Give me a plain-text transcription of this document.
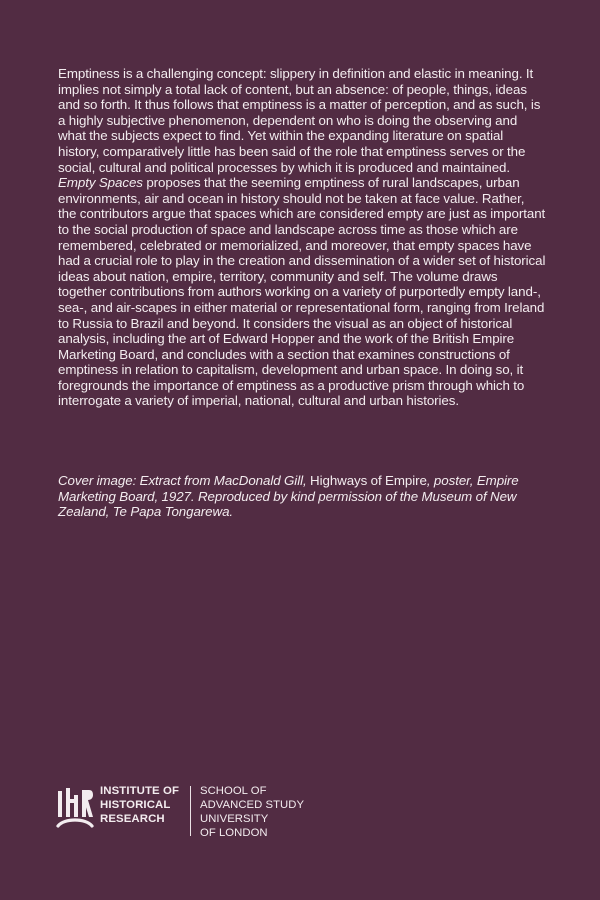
Emptiness is a challenging concept: slippery in definition and elastic in meaning. It implies not simply a total lack of content, but an absence: of people, things, ideas and so forth. It thus follows that emptiness is a matter of perception, and as such, is a highly subjective phenomenon, dependent on who is doing the observing and what the subjects expect to find. Yet within the expanding literature on spatial history, comparatively little has been said of the role that emptiness serves or the social, cultural and political processes by which it is produced and maintained. Empty Spaces proposes that the seeming emptiness of rural landscapes, urban environments, air and ocean in history should not be taken at face value. Rather, the contributors argue that spaces which are considered empty are just as important to the social production of space and landscape across time as those which are remembered, celebrated or memorialized, and moreover, that empty spaces have had a crucial role to play in the creation and dissemination of a wider set of historical ideas about nation, empire, territory, community and self. The volume draws together contributions from authors working on a variety of purportedly empty land-, sea-, and air-scapes in either material or representational form, ranging from Ireland to Russia to Brazil and beyond. It considers the visual as an object of historical analysis, including the art of Edward Hopper and the work of the British Empire Marketing Board, and concludes with a section that examines constructions of emptiness in relation to capitalism, development and urban space. In doing so, it foregrounds the importance of emptiness as a productive prism through which to interrogate a variety of imperial, national, cultural and urban histories.

Cover image: Extract from MacDonald Gill, Highways of Empire, poster, Empire Marketing Board, 1927. Reproduced by kind permission of the Museum of New Zealand, Te Papa Tongarewa.
INSTITUTE OF
HISTORICAL
RESEARCH
SCHOOL OF
ADVANCED STUDY
UNIVERSITY
OF LONDON
